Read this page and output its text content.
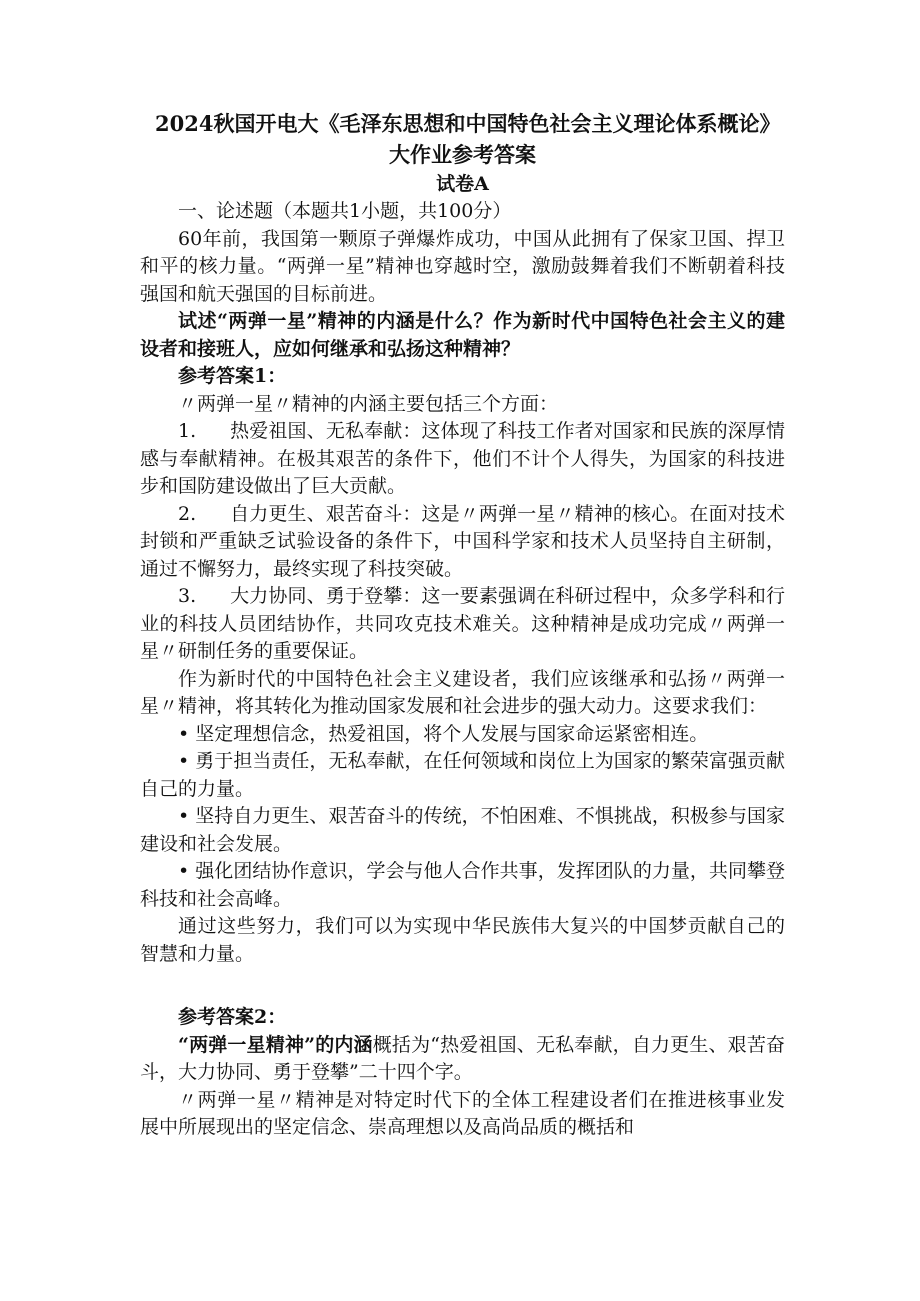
2024秋国开电大《毛泽东思想和中国特色社会主义理论体系概论》大作业参考答案
试卷A

一、论述题（本题共1小题，共100分）

60年前，我国第一颗原子弹爆炸成功，中国从此拥有了保家卫国、捍卫和平的核力量。“两弹一星”精神也穿越时空，激励鼓舞着我们不断朝着科技强国和航天强国的目标前进。

试述“两弹一星”精神的内涵是什么？作为新时代中国特色社会主义的建设者和接班人，应如何继承和弘扬这种精神？

参考答案1：

〃两弹一星〃精神的内涵主要包括三个方面：

1. 热爱祖国、无私奉献：这体现了科技工作者对国家和民族的深厚情感与奉献精神。在极其艰苦的条件下，他们不计个人得失，为国家的科技进步和国防建设做出了巨大贡献。

2. 自力更生、艰苦奋斗：这是〃两弹一星〃精神的核心。在面对技术封锁和严重缺乏试验设备的条件下，中国科学家和技术人员坚持自主研制，通过不懈努力，最终实现了科技突破。

3. 大力协同、勇于登攀：这一要素强调在科研过程中，众多学科和行业的科技人员团结协作，共同攻克技术难关。这种精神是成功完成〃两弹一星〃研制任务的重要保证。

作为新时代的中国特色社会主义建设者，我们应该继承和弘扬〃两弹一星〃精神，将其转化为推动国家发展和社会进步的强大动力。这要求我们：

• 坚定理想信念，热爱祖国，将个人发展与国家命运紧密相连。

• 勇于担当责任，无私奉献，在任何领域和岗位上为国家的繁荣富强贡献自己的力量。

• 坚持自力更生、艰苦奋斗的传统，不怕困难、不惧挑战，积极参与国家建设和社会发展。

• 强化团结协作意识，学会与他人合作共事，发挥团队的力量，共同攀登科技和社会高峰。

通过这些努力，我们可以为实现中华民族伟大复兴的中国梦贡献自己的智慧和力量。

参考答案2：

“两弹一星精神”的内涵概括为“热爱祖国、无私奉献，自力更生、艰苦奋斗，大力协同、勇于登攀”二十四个字。

〃两弹一星〃精神是对特定时代下的全体工程建设者们在推进核事业发展中所展现出的坚定信念、崇高理想以及高尚品质的概括和
